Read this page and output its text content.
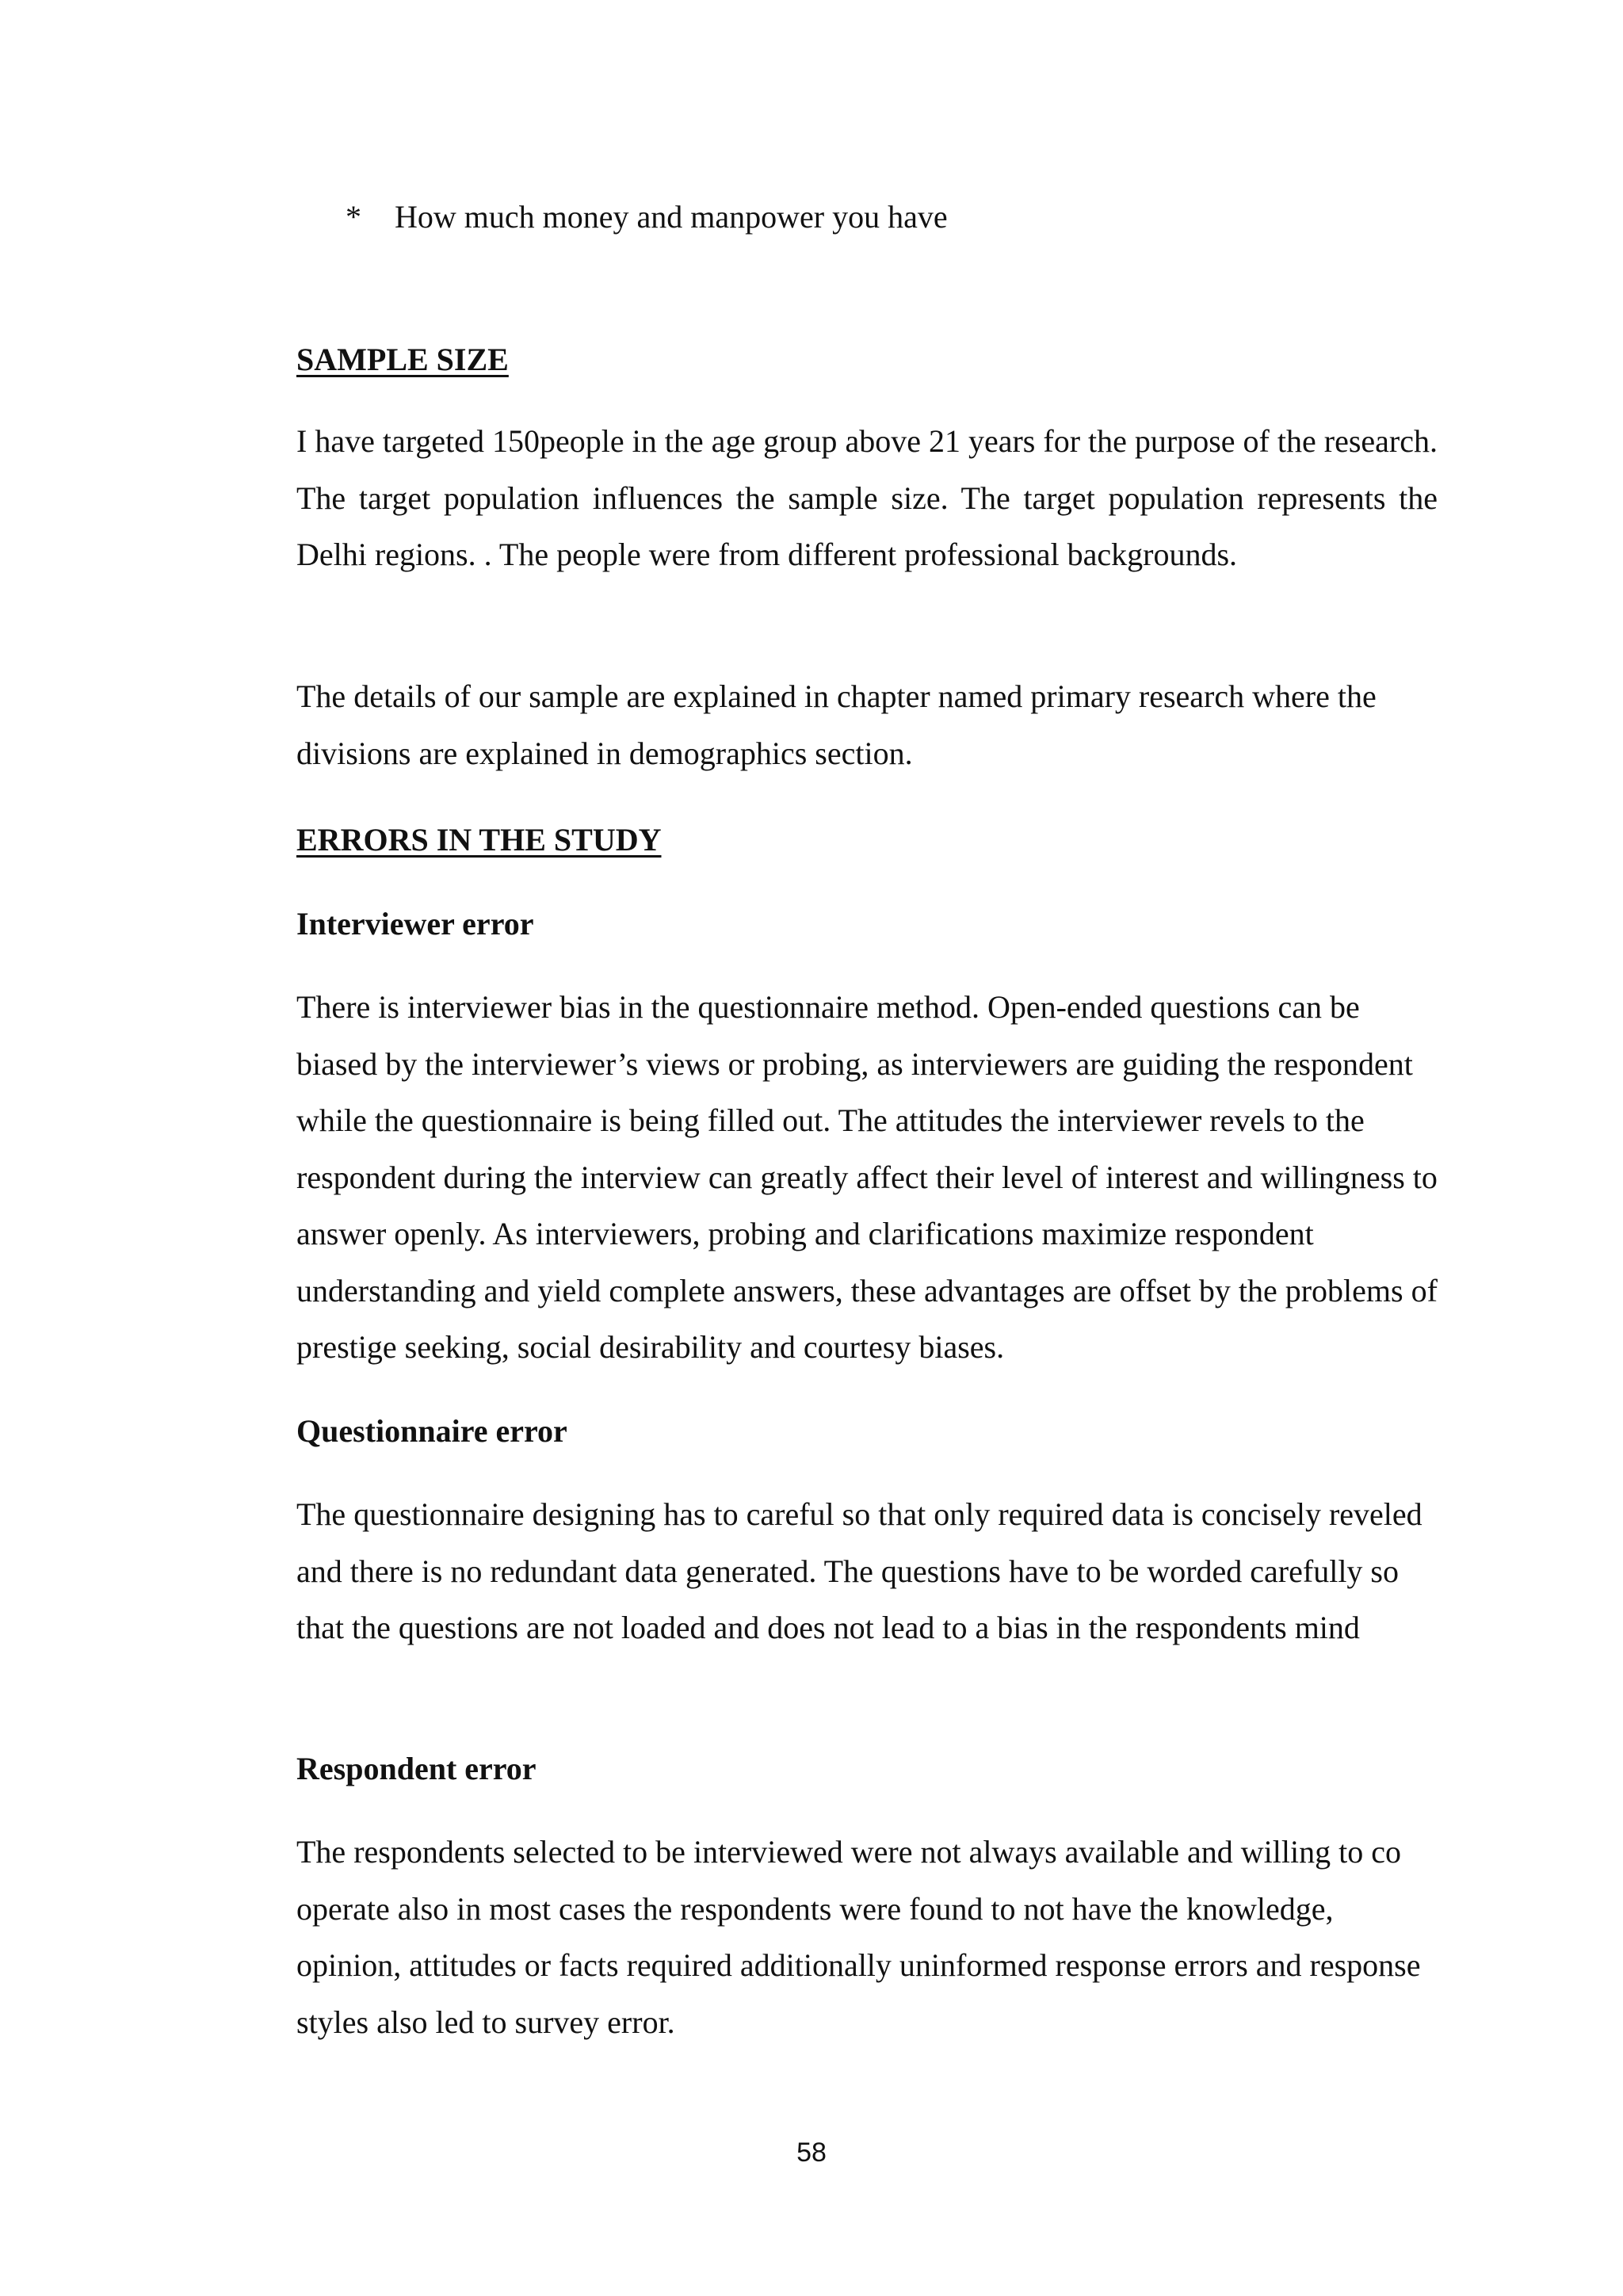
* How much money and manpower you have
SAMPLE SIZE

I have targeted 150people in the age group above 21 years for the purpose of the research. The target population influences the sample size. The target population represents the Delhi regions. . The people were from different professional backgrounds.

The details of our sample are explained in chapter named primary research where the divisions are explained in demographics section.

ERRORS IN THE STUDY
Interviewer error

There is interviewer bias in the questionnaire method. Open-ended questions can be biased by the interviewer’s views or probing, as interviewers are guiding the respondent while the questionnaire is being filled out. The attitudes the interviewer revels to the respondent during the interview can greatly affect their level of interest and willingness to answer openly. As interviewers, probing and clarifications maximize respondent understanding and yield complete answers, these advantages are offset by the problems of prestige seeking, social desirability and courtesy biases.

Questionnaire error

The questionnaire designing has to careful so that only required data is concisely reveled and there is no redundant data generated. The questions have to be worded carefully so that the questions are not loaded and does not lead to a bias in the respondents mind

Respondent error

The respondents selected to be interviewed were not always available and willing to co operate also in most cases the respondents were found to not have the knowledge, opinion, attitudes or facts required additionally uninformed response errors and response styles also led to survey error.

58
